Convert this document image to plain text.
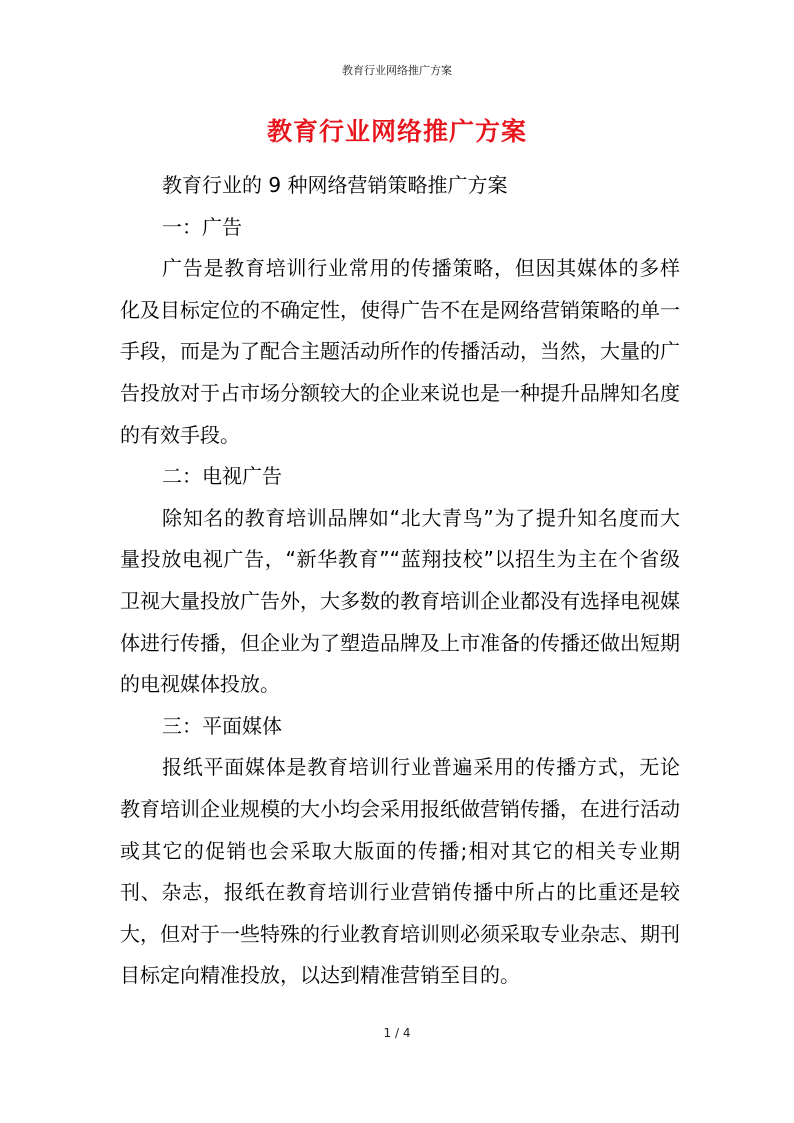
教育行业网络推广方案
教育行业网络推广方案

教育行业的 9 种网络营销策略推广方案

一：广告

广告是教育培训行业常用的传播策略，但因其媒体的多样化及目标定位的不确定性，使得广告不在是网络营销策略的单一手段，而是为了配合主题活动所作的传播活动，当然，大量的广告投放对于占市场分额较大的企业来说也是一种提升品牌知名度的有效手段。

二：电视广告

除知名的教育培训品牌如“北大青鸟”为了提升知名度而大量投放电视广告，“新华教育”“蓝翔技校”以招生为主在个省级卫视大量投放广告外，大多数的教育培训企业都没有选择电视媒体进行传播，但企业为了塑造品牌及上市准备的传播还做出短期的电视媒体投放。

三：平面媒体

报纸平面媒体是教育培训行业普遍采用的传播方式，无论教育培训企业规模的大小均会采用报纸做营销传播，在进行活动或其它的促销也会采取大版面的传播;相对其它的相关专业期刊、杂志，报纸在教育培训行业营销传播中所占的比重还是较大，但对于一些特殊的行业教育培训则必须采取专业杂志、期刊目标定向精准投放，以达到精准营销至目的。

1 / 4
